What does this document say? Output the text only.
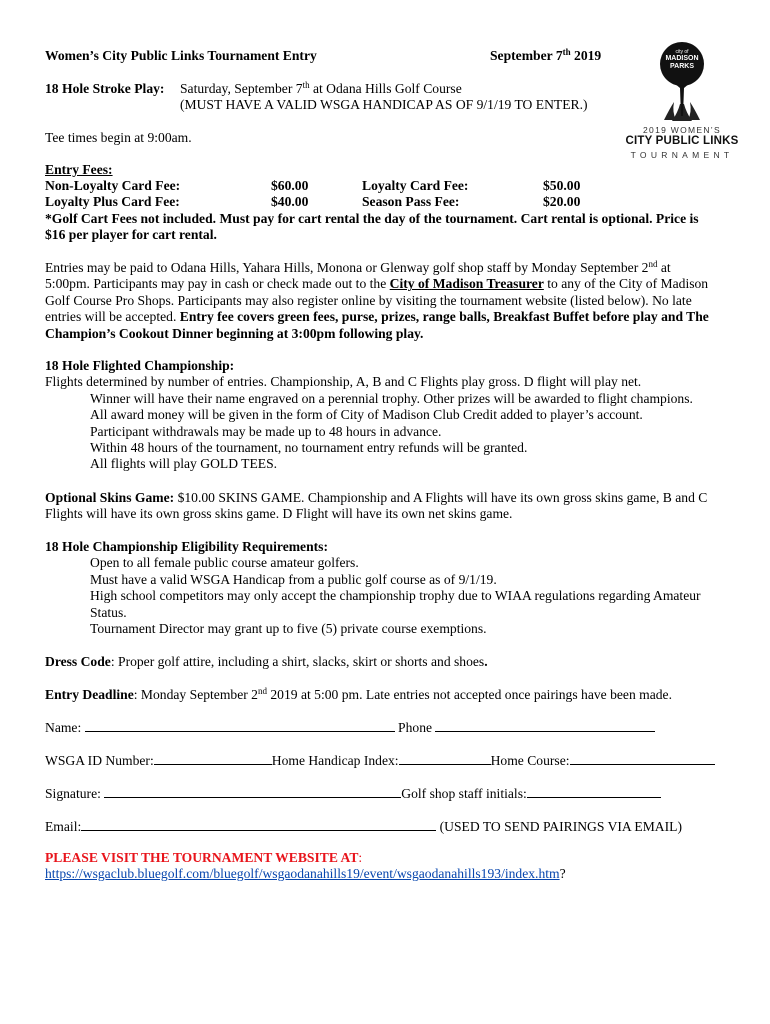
Women’s City Public Links Tournament Entry	September 7th 2019
18 Hole Stroke Play: Saturday, September 7th at Odana Hills Golf Course
(MUST HAVE A VALID WSGA HANDICAP AS OF 9/1/19 TO ENTER.)
Tee times begin at 9:00am.
Entry Fees:
Non-Loyalty Card Fee:	$60.00	Loyalty Card Fee:	$50.00
Loyalty Plus Card Fee:	$40.00	Season Pass Fee:	$20.00
*Golf Cart Fees not included. Must pay for cart rental the day of the tournament. Cart rental is optional. Price is
$16 per player for cart rental.
Entries may be paid to Odana Hills, Yahara Hills, Monona or Glenway golf shop staff by Monday September 2nd at
5:00pm. Participants may pay in cash or check made out to the City of Madison Treasurer to any of the City of Madison
Golf Course Pro Shops. Participants may also register online by visiting the tournament website (listed below). No late
entries will be accepted. Entry fee covers green fees, purse, prizes, range balls, Breakfast Buffet before play and The
Champion’s Cookout Dinner beginning at 3:00pm following play.
18 Hole Flighted Championship:
Flights determined by number of entries. Championship, A, B and C Flights play gross. D flight will play net.
Winner will have their name engraved on a perennial trophy. Other prizes will be awarded to flight champions.
All award money will be given in the form of City of Madison Club Credit added to player’s account.
Participant withdrawals may be made up to 48 hours in advance.
Within 48 hours of the tournament, no tournament entry refunds will be granted.
All flights will play GOLD TEES.
Optional Skins Game: $10.00 SKINS GAME. Championship and A Flights will have its own gross skins game, B and C
Flights will have its own gross skins game. D Flight will have its own net skins game.
18 Hole Championship Eligibility Requirements:
Open to all female public course amateur golfers.
Must have a valid WSGA Handicap from a public golf course as of 9/1/19.
High school competitors may only accept the championship trophy due to WIAA regulations regarding Amateur
Status.
Tournament Director may grant up to five (5) private course exemptions.
Dress Code: Proper golf attire, including a shirt, slacks, skirt or shorts and shoes.
Entry Deadline: Monday September 2nd 2019 at 5:00 pm. Late entries not accepted once pairings have been made.
Name:	Phone
WSGA ID Number:	Home Handicap Index:	Home Course:
Signature:	Golf shop staff initials:
Email:	(USED TO SEND PAIRINGS VIA EMAIL)
PLEASE VISIT THE TOURNAMENT WEBSITE AT:
https://wsgaclub.bluegolf.com/bluegolf/wsgaodanahills19/event/wsgaodanahills193/index.htm?
city of
MADISON
PARKS
2019 WOMEN’S
CITY PUBLIC LINKS
TOURNAMENT
